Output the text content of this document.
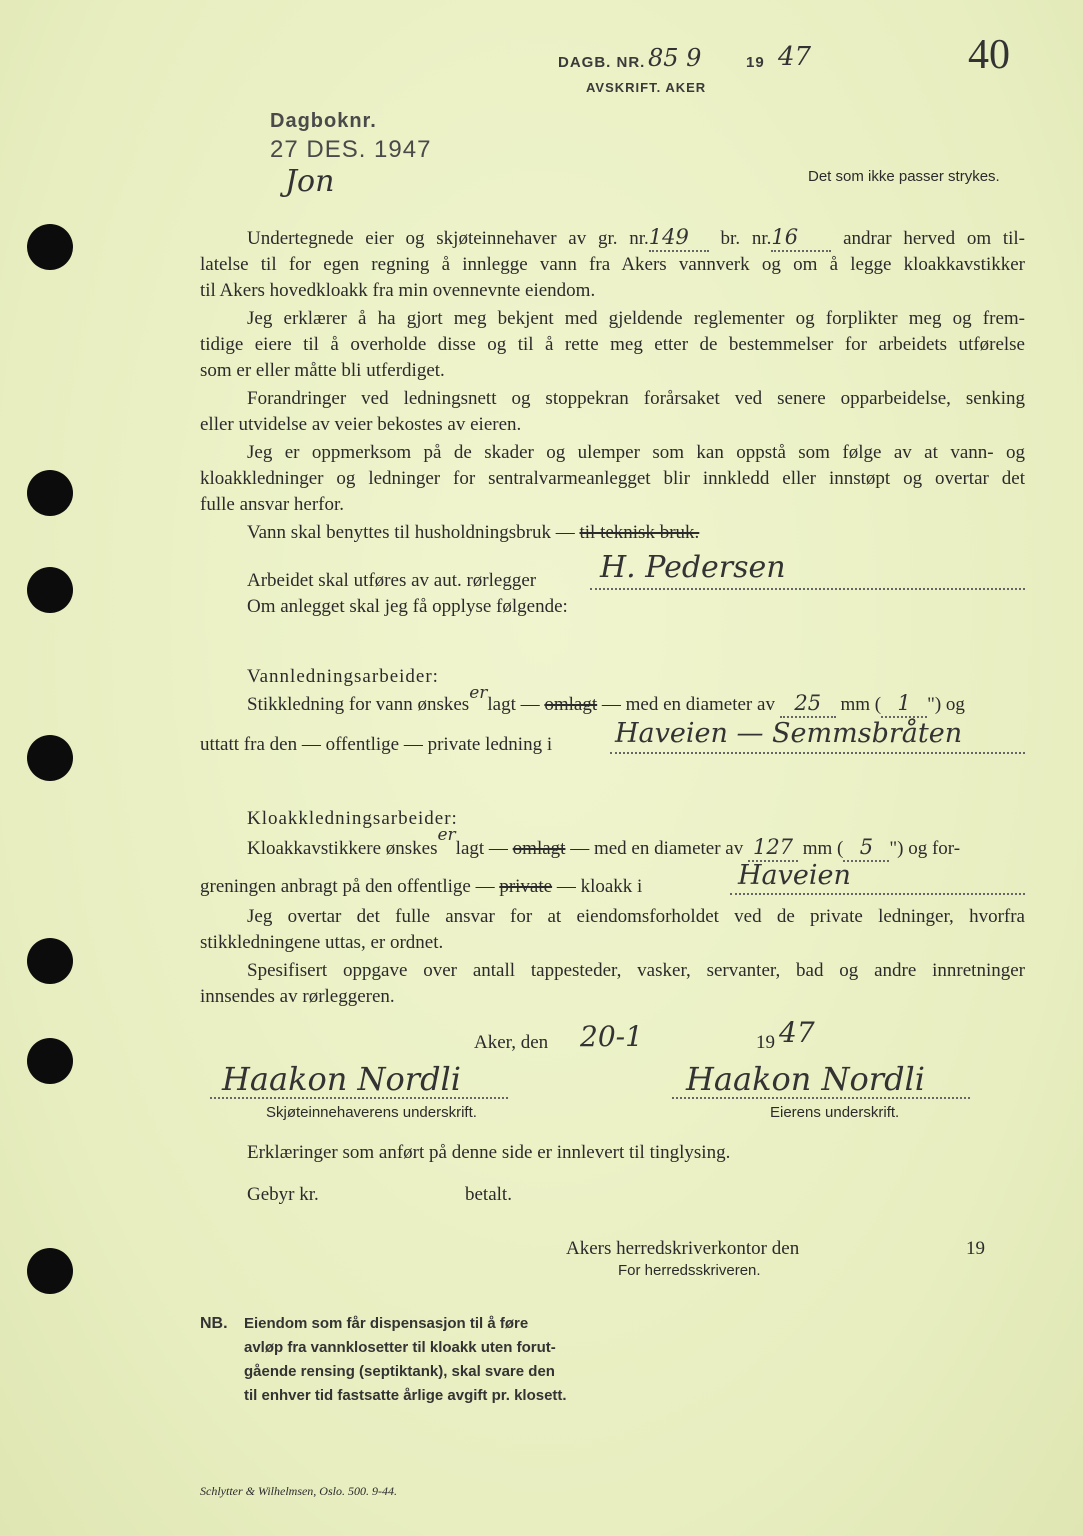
DAGB. NR. 85 9	19 47
AVSKRIFT. AKER
40
Dagboknr.
27 DES. 1947
Jon	Det som ikke passer strykes.
Undertegnede eier og skjøteinnehaver av gr. nr.149 br. nr.16 andrar herved om til-
latelse til for egen regning å innlegge vann fra Akers vannverk og om å legge kloakkavstikker
til Akers hovedkloakk fra min ovennevnte eiendom.
Jeg erklærer å ha gjort meg bekjent med gjeldende reglementer og forplikter meg og frem-
tidige eiere til å overholde disse og til å rette meg etter de bestemmelser for arbeidets utførelse
som er eller måtte bli utferdiget.
Forandringer ved ledningsnett og stoppekran forårsaket ved senere opparbeidelse, senking
eller utvidelse av veier bekostes av eieren.
Jeg er oppmerksom på de skader og ulemper som kan oppstå som følge av at vann- og
kloakkledninger og ledninger for sentralvarmeanlegget blir innkledd eller innstøpt og overtar det
fulle ansvar herfor.
Vann skal benyttes til husholdningsbruk — til teknisk bruk.
Arbeidet skal utføres av aut. rørlegger H. Pedersen
Om anlegget skal jeg få opplyse følgende:
Vannledningsarbeider:
Stikkledning for vann ønskeserlagt — omlagt — med en diameter av 25 mm ( 1 ") og
uttatt fra den — offentlige — private ledning i Haveien — Semmsbråten
Kloakkledningsarbeider:
Kloakkavstikkere ønskeserlagt — omlagt — med en diameter av 127 mm ( 5 ") og for-
greningen anbragt på den offentlige — private — kloakk i	Haveien
Jeg overtar det fulle ansvar for at eiendomsforholdet ved de private ledninger, hvorfra
stikkledningene uttas, er ordnet.
Spesifisert oppgave over antall tappesteder, vasker, servanter, bad og andre innretninger
innsendes av rørleggeren.
Aker, den 20-1	19 47
Haakon Nordli
Skjøteinnehaverens underskrift.
Haakon Nordli
Eierens underskrift.
Erklæringer som anført på denne side er innlevert til tinglysing.
Gebyr kr.	betalt.
Akers herredskriverkontor den	19
For herredsskriveren.
NB. Eiendom som får dispensasjon til å føre
avløp fra vannklosetter til kloakk uten forut-
gående rensing (septiktank), skal svare den
til enhver tid fastsatte årlige avgift pr. klosett.
Schlytter & Wilhelmsen, Oslo. 500. 9-44.
